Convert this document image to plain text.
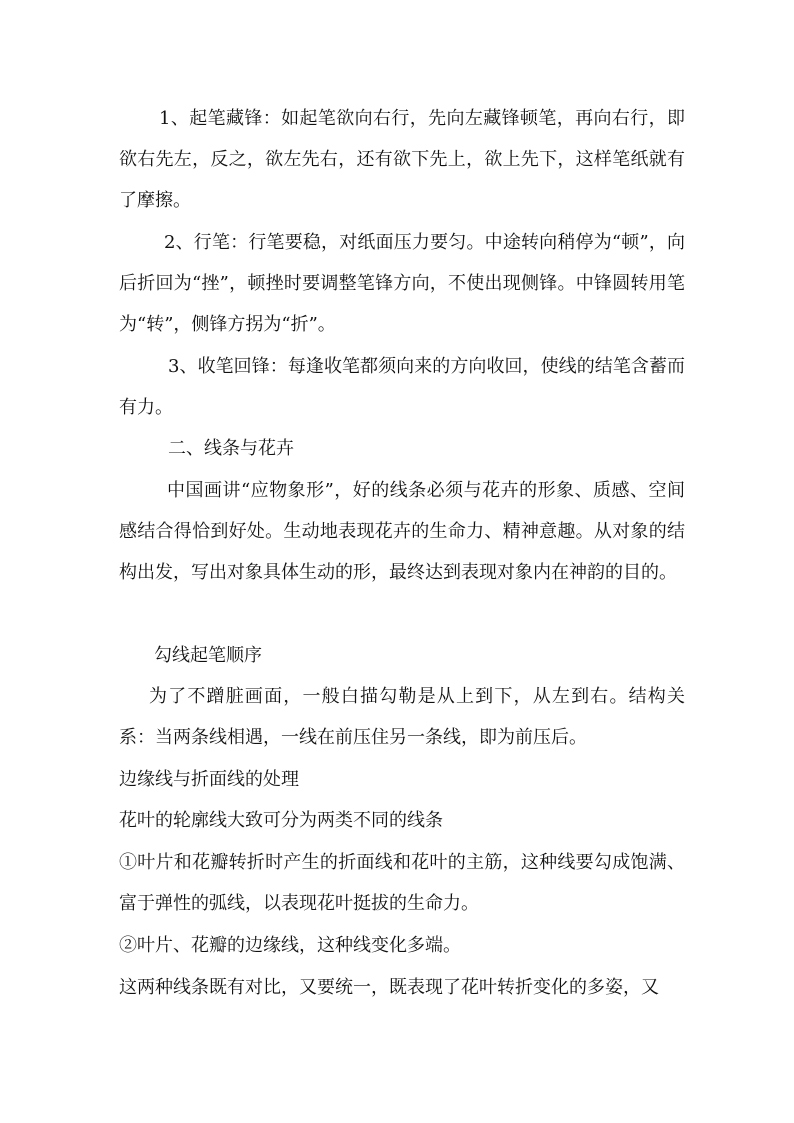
1、起笔藏锋：如起笔欲向右行，先向左藏锋顿笔，再向右行，即欲右先左，反之，欲左先右，还有欲下先上，欲上先下，这样笔纸就有了摩擦。

2、行笔：行笔要稳，对纸面压力要匀。中途转向稍停为“顿”，向后折回为“挫”，顿挫时要调整笔锋方向，不使出现侧锋。中锋圆转用笔为“转”，侧锋方拐为“折”。

3、收笔回锋：每逢收笔都须向来的方向收回，使线的结笔含蓄而有力。

二、线条与花卉

中国画讲“应物象形”，好的线条必须与花卉的形象、质感、空间感结合得恰到好处。生动地表现花卉的生命力、精神意趣。从对象的结构出发，写出对象具体生动的形，最终达到表现对象内在神韵的目的。

勾线起笔顺序

为了不蹭脏画面，一般白描勾勒是从上到下，从左到右。结构关系：当两条线相遇，一线在前压住另一条线，即为前压后。

边缘线与折面线的处理

花叶的轮廓线大致可分为两类不同的线条

①叶片和花瓣转折时产生的折面线和花叶的主筋，这种线要勾成饱满、富于弹性的弧线，以表现花叶挺拔的生命力。

②叶片、花瓣的边缘线，这种线变化多端。

这两种线条既有对比，又要统一，既表现了花叶转折变化的多姿，又
